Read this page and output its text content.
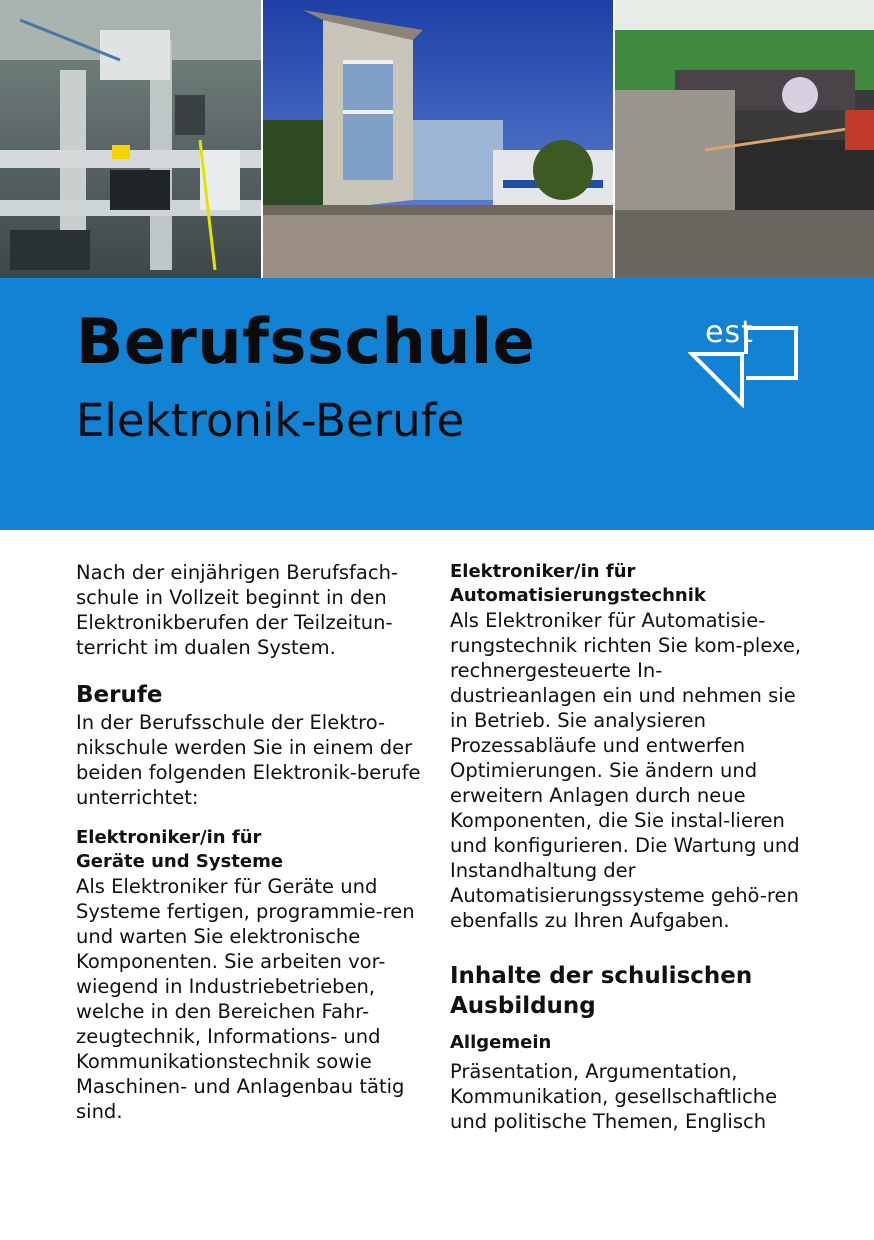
Berufsschule
Elektronik-Berufe
est

Nach der einjährigen Berufsfach-schule in Vollzeit beginnt in den Elektronikberufen der Teilzeitun-terricht im dualen System.

Berufe

In der Berufsschule der Elektro-nikschule werden Sie in einem der beiden folgenden Elektronik-berufe unterrichtet:

Elektroniker/in für
Geräte und Systeme

Als Elektroniker für Geräte und Systeme fertigen, programmie-ren und warten Sie elektronische Komponenten. Sie arbeiten vor-wiegend in Industriebetrieben, welche in den Bereichen Fahr-zeugtechnik, Informations- und Kommunikationstechnik sowie Maschinen- und Anlagenbau tätig sind.

Elektroniker/in für
Automatisierungstechnik

Als Elektroniker für Automatisie-rungstechnik richten Sie kom-plexe, rechnergesteuerte In-dustrieanlagen ein und nehmen sie in Betrieb. Sie analysieren Prozessabläufe und entwerfen Optimierungen. Sie ändern und erweitern Anlagen durch neue Komponenten, die Sie instal-lieren und konfigurieren. Die Wartung und Instandhaltung der Automatisierungssysteme gehö-ren ebenfalls zu Ihren Aufgaben.

Inhalte der schulischen
Ausbildung
Allgemein

Präsentation, Argumentation, Kommunikation, gesellschaftliche und politische Themen, Englisch
